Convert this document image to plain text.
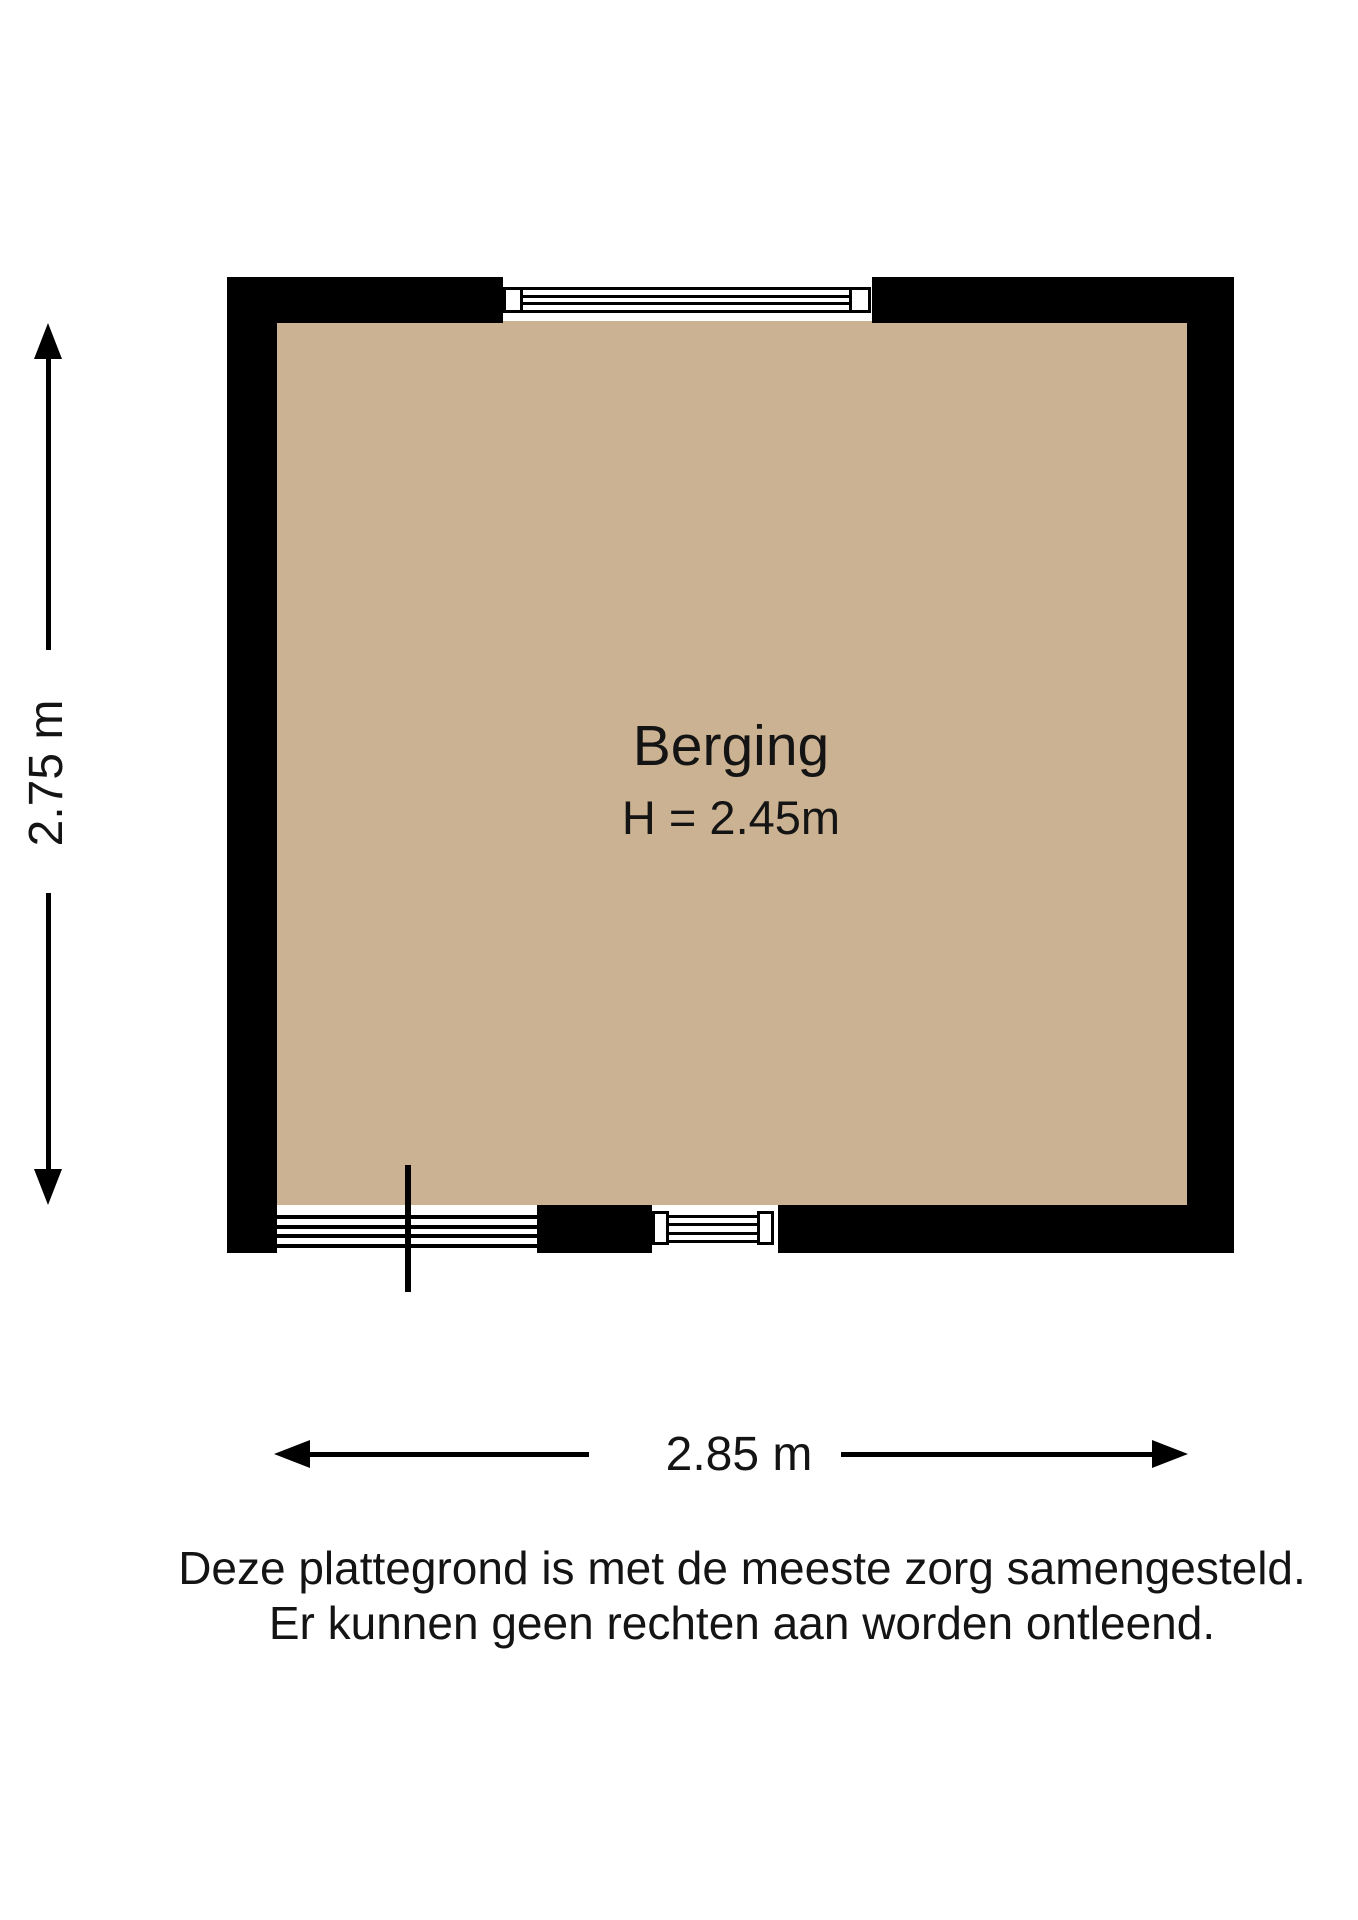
Berging
H = 2.45m
2.75 m
2.85 m
Deze plattegrond is met de meeste zorg samengesteld.
Er kunnen geen rechten aan worden ontleend.
